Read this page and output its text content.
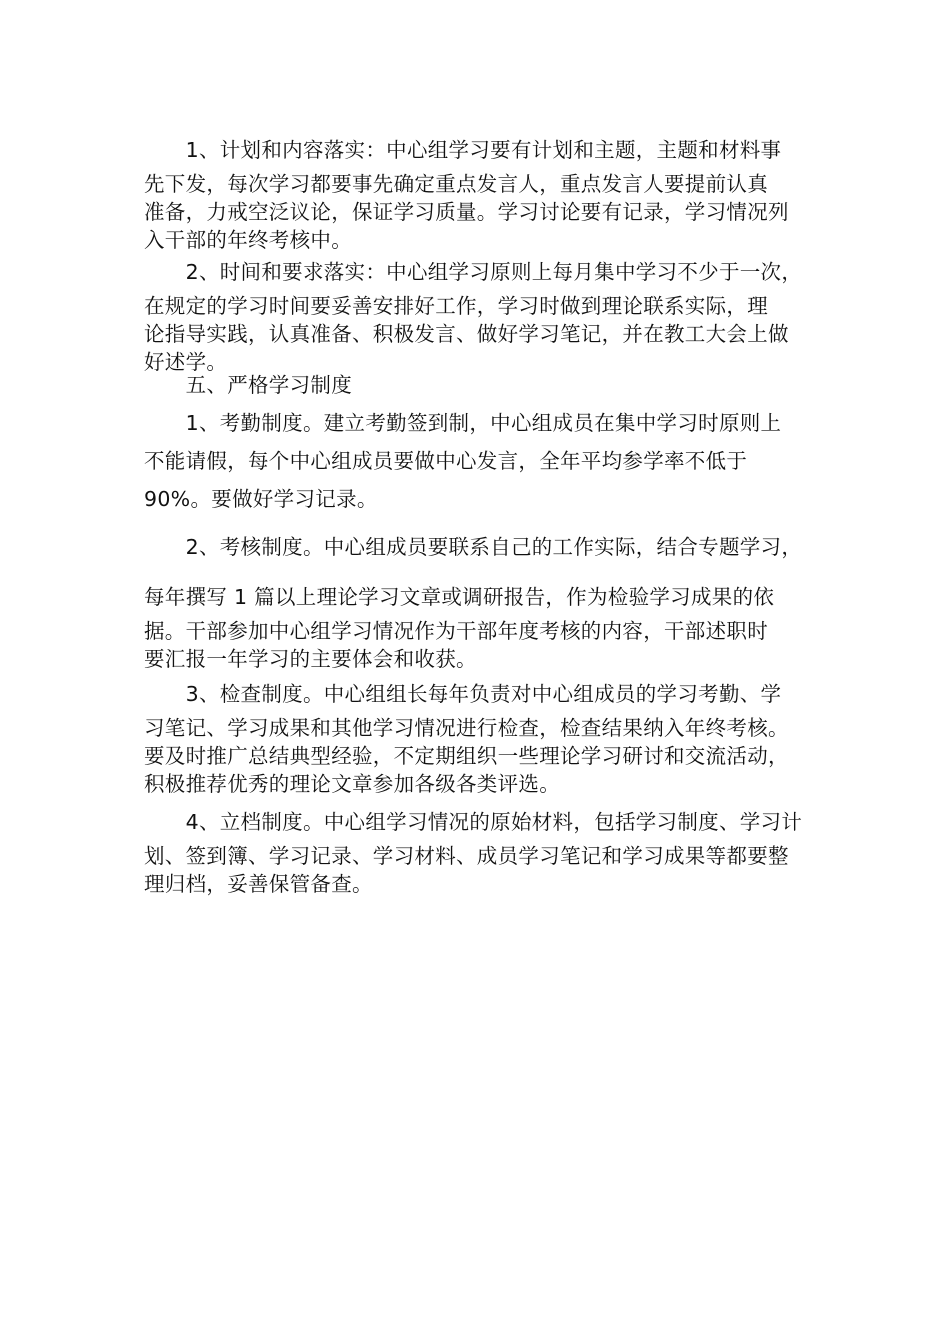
　　1、计划和内容落实：中心组学习要有计划和主题，主题和材料事
先下发，每次学习都要事先确定重点发言人，重点发言人要提前认真
准备，力戒空泛议论，保证学习质量。学习讨论要有记录，学习情况列
入干部的年终考核中。
　　2、时间和要求落实：中心组学习原则上每月集中学习不少于一次，
在规定的学习时间要妥善安排好工作，学习时做到理论联系实际，理
论指导实践，认真准备、积极发言、做好学习笔记，并在教工大会上做
好述学。
　　五、严格学习制度
　　1、考勤制度。建立考勤签到制，中心组成员在集中学习时原则上
不能请假，每个中心组成员要做中心发言，全年平均参学率不低于
90%。要做好学习记录。
　　2、考核制度。中心组成员要联系自己的工作实际，结合专题学习，
每年撰写 1 篇以上理论学习文章或调研报告，作为检验学习成果的依
据。干部参加中心组学习情况作为干部年度考核的内容，干部述职时
要汇报一年学习的主要体会和收获。
　　3、检查制度。中心组组长每年负责对中心组成员的学习考勤、学
习笔记、学习成果和其他学习情况进行检查，检查结果纳入年终考核。
要及时推广总结典型经验，不定期组织一些理论学习研讨和交流活动，
积极推荐优秀的理论文章参加各级各类评选。
　　4、立档制度。中心组学习情况的原始材料，包括学习制度、学习计
划、签到簿、学习记录、学习材料、成员学习笔记和学习成果等都要整
理归档，妥善保管备查。
